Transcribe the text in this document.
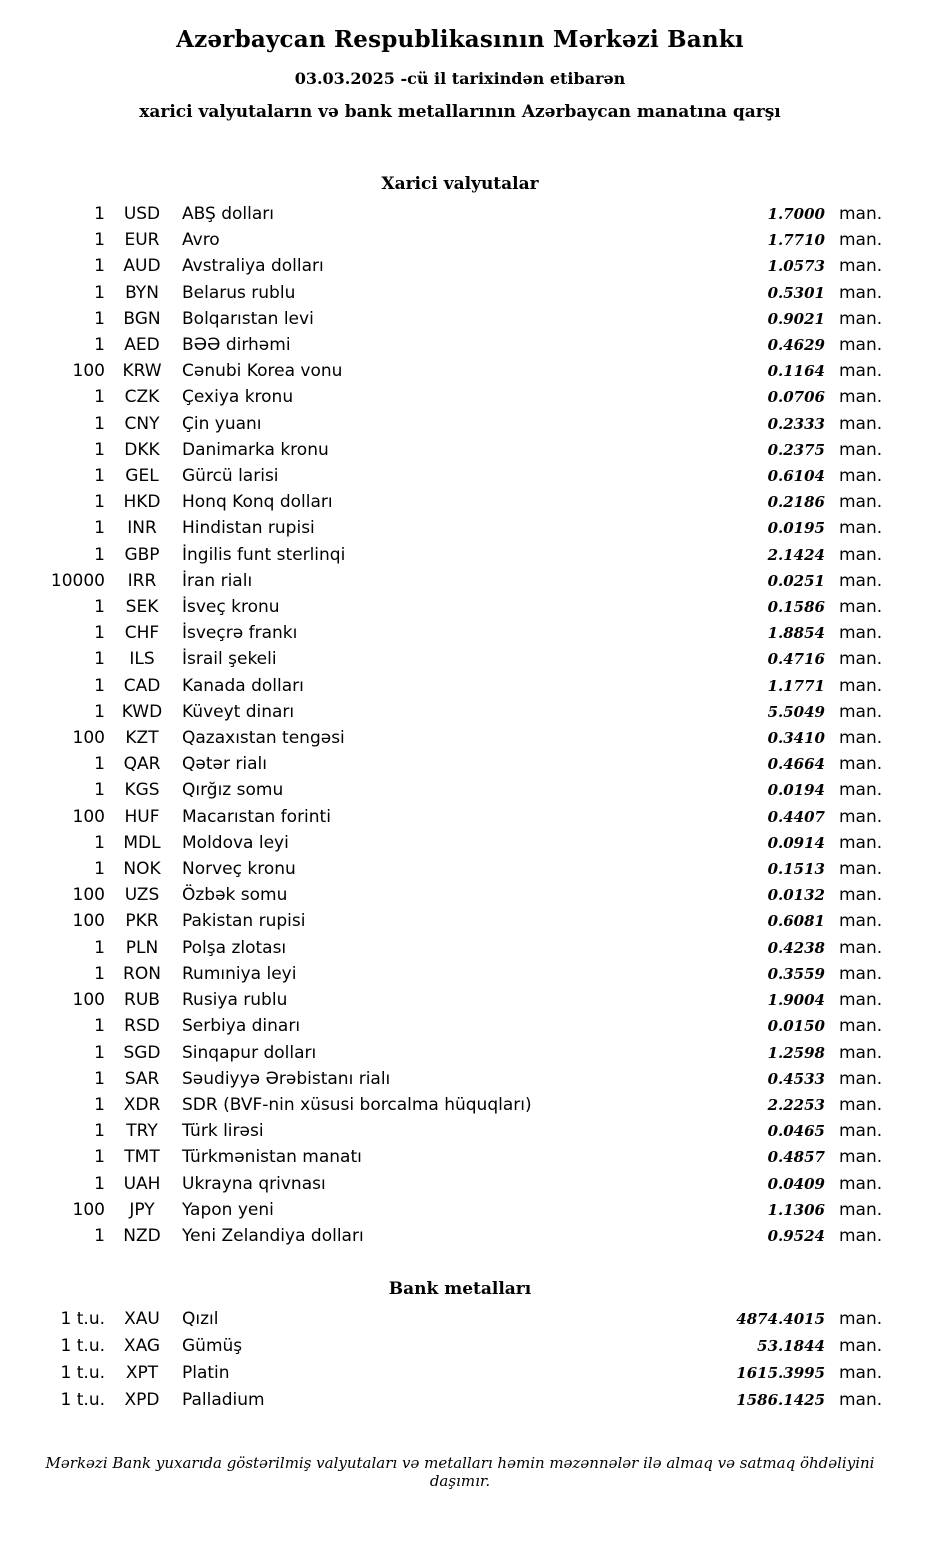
Azərbaycan Respublikasının Mərkəzi Bankı
03.03.2025 -cü il tarixindən etibarən
xarici valyutaların və bank metallarının Azərbaycan manatına qarşı
Xarici valyutalar
1	USD	ABŞ dolları	1.7000 man.
1	EUR	Avro	1.7710 man.
1	AUD	Avstraliya dolları	1.0573 man.
1	BYN	Belarus rublu	0.5301 man.
1	BGN	Bolqarıstan levi	0.9021 man.
1	AED	BƏƏ dirhəmi	0.4629 man.
100	KRW	Cənubi Korea vonu	0.1164 man.
1	CZK	Çexiya kronu	0.0706 man.
1	CNY	Çin yuanı	0.2333 man.
1	DKK	Danimarka kronu	0.2375 man.
1	GEL	Gürcü larisi	0.6104 man.
1	HKD	Honq Konq dolları	0.2186 man.
1	INR	Hindistan rupisi	0.0195 man.
1	GBP	İngilis funt sterlinqi	2.1424 man.
10000	IRR	İran rialı	0.0251 man.
1	SEK	İsveç kronu	0.1586 man.
1	CHF	İsveçrə frankı	1.8854 man.
1	ILS	İsrail şekeli	0.4716 man.
1	CAD	Kanada dolları	1.1771 man.
1 KWD	Küveyt dinarı	5.5049 man.
100	KZT	Qazaxıstan tengəsi	0.3410 man.
1	QAR	Qətər rialı	0.4664 man.
1	KGS	Qırğız somu	0.0194 man.
100	HUF	Macarıstan forinti	0.4407 man.
1	MDL	Moldova leyi	0.0914 man.
1	NOK	Norveç kronu	0.1513 man.
100	UZS	Özbək somu	0.0132 man.
100	PKR	Pakistan rupisi	0.6081 man.
1	PLN	Polşa zlotası	0.4238 man.
1	RON	Rumıniya leyi	0.3559 man.
100	RUB	Rusiya rublu	1.9004 man.
1	RSD	Serbiya dinarı	0.0150 man.
1	SGD	Sinqapur dolları	1.2598 man.
1	SAR	Səudiyyə Ərəbistanı rialı	0.4533 man.
1	XDR	SDR (BVF-nin xüsusi borcalma hüquqları)	2.2253 man.
1	TRY	Türk lirəsi	0.0465 man.
1	TMT	Türkmənistan manatı	0.4857 man.
1	UAH	Ukrayna qrivnası	0.0409 man.
100	JPY	Yapon yeni	1.1306 man.
1	NZD	Yeni Zelandiya dolları	0.9524 man.
Bank metalları
1 t.u.	XAU	Qızıl	4874.4015 man.
1 t.u.	XAG	Gümüş	53.1844 man.
1 t.u.	XPT	Platin	1615.3995 man.
1 t.u.	XPD	Palladium	1586.1425 man.
Mərkəzi Bank yuxarıda göstərilmiş valyutaları və metalları həmin məzənnələr ilə almaq və satmaq öhdəliyini daşımır.
